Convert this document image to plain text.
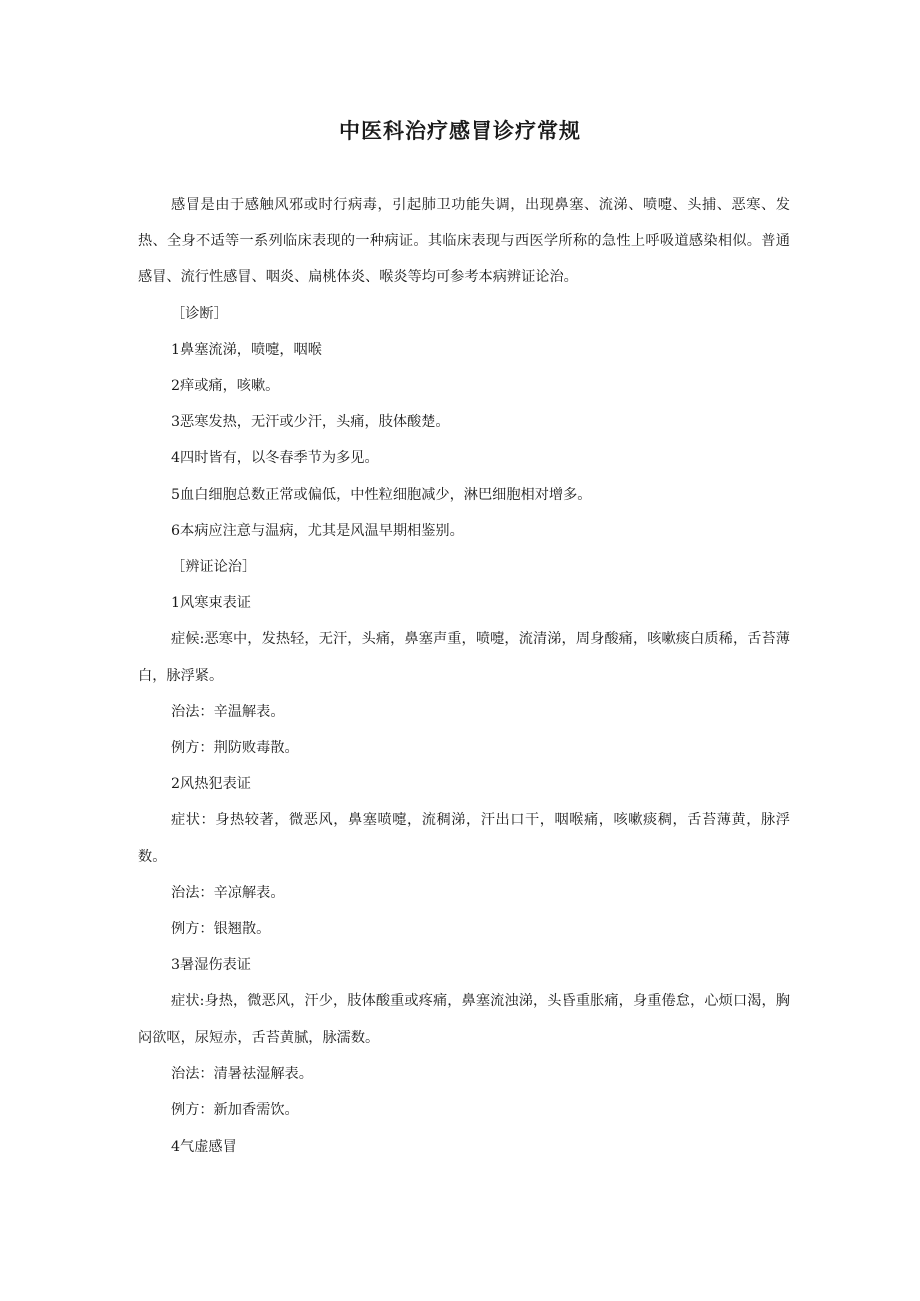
中医科治疗感冒诊疗常规

感冒是由于感触风邪或时行病毒，引起肺卫功能失调，出现鼻塞、流涕、喷嚏、头捕、恶寒、发热、全身不适等一系列临床表现的一种病证。其临床表现与西医学所称的急性上呼吸道感染相似。普通感冒、流行性感冒、咽炎、扁桃体炎、喉炎等均可参考本病辨证论治。

［诊断］

1鼻塞流涕，喷嚏，咽喉

2痒或痛，咳嗽。

3恶寒发热，无汗或少汗，头痛，肢体酸楚。

4四时皆有，以冬春季节为多见。

5血白细胞总数正常或偏低，中性粒细胞减少，淋巴细胞相对增多。

6本病应注意与温病，尤其是风温早期相鉴别。

［辨证论治］

1风寒束表证

症候:恶寒中，发热轻，无汗，头痛，鼻塞声重，喷嚏，流清涕，周身酸痛，咳嗽痰白质稀，舌苔薄白，脉浮紧。

治法：辛温解表。

例方：荆防败毒散。

2风热犯表证

症状：身热较著，微恶风，鼻塞喷嚏，流稠涕，汗出口干，咽喉痛，咳嗽痰稠，舌苔薄黄，脉浮数。

治法：辛凉解表。

例方：银翘散。

3暑湿伤表证

症状:身热，微恶风，汗少，肢体酸重或疼痛，鼻塞流浊涕，头昏重胀痛，身重倦怠，心烦口渴，胸闷欲呕，尿短赤，舌苔黄腻，脉濡数。

治法：清暑祛湿解表。

例方：新加香需饮。

4气虚感冒
